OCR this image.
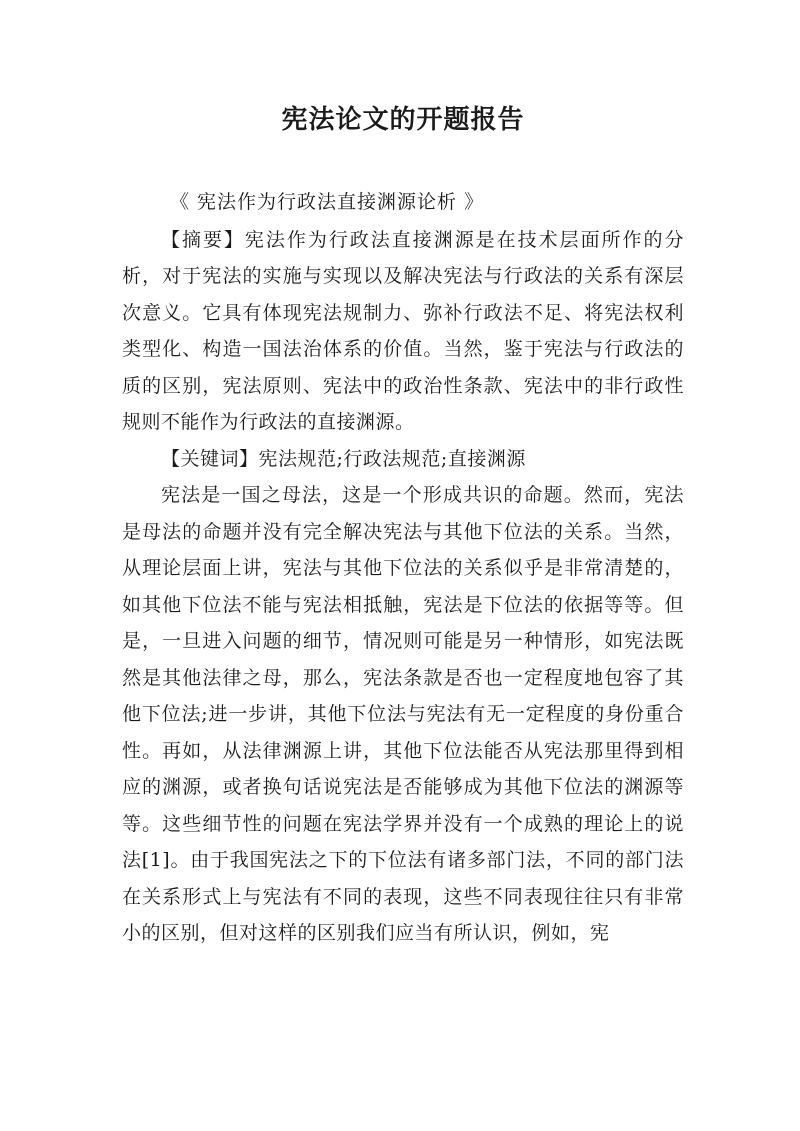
宪法论文的开题报告

《 宪法作为行政法直接渊源论析 》

【摘要】宪法作为行政法直接渊源是在技术层面所作的分析，对于宪法的实施与实现以及解决宪法与行政法的关系有深层次意义。它具有体现宪法规制力、弥补行政法不足、将宪法权利类型化、构造一国法治体系的价值。当然，鉴于宪法与行政法的质的区别，宪法原则、宪法中的政治性条款、宪法中的非行政性规则不能作为行政法的直接渊源。

【关键词】宪法规范;行政法规范;直接渊源

宪法是一国之母法，这是一个形成共识的命题。然而，宪法是母法的命题并没有完全解决宪法与其他下位法的关系。当然，从理论层面上讲，宪法与其他下位法的关系似乎是非常清楚的，如其他下位法不能与宪法相抵触，宪法是下位法的依据等等。但是，一旦进入问题的细节，情况则可能是另一种情形，如宪法既然是其他法律之母，那么，宪法条款是否也一定程度地包容了其他下位法;进一步讲，其他下位法与宪法有无一定程度的身份重合性。再如，从法律渊源上讲，其他下位法能否从宪法那里得到相应的渊源，或者换句话说宪法是否能够成为其他下位法的渊源等等。这些细节性的问题在宪法学界并没有一个成熟的理论上的说法[1]。由于我国宪法之下的下位法有诸多部门法，不同的部门法在关系形式上与宪法有不同的表现，这些不同表现往往只有非常小的区别，但对这样的区别我们应当有所认识，例如，宪
